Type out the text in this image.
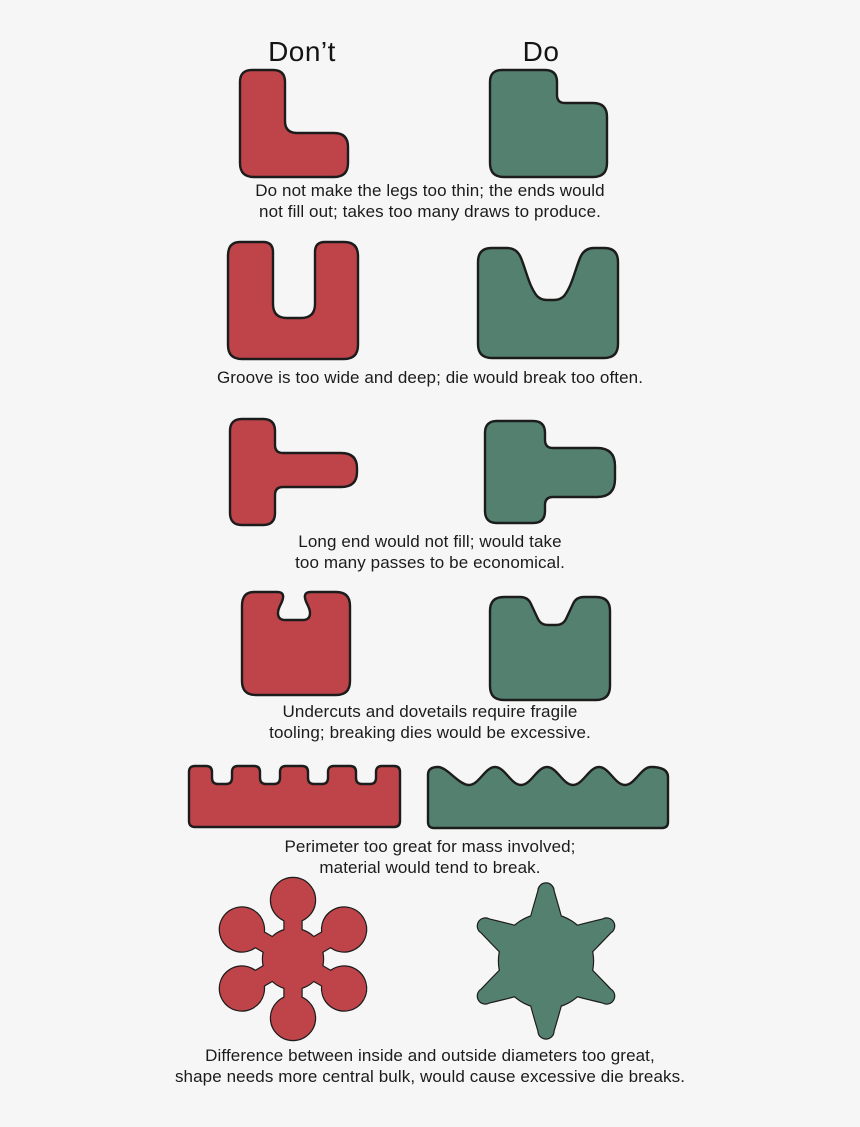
Don’t	Do
Do not make the legs too thin; the ends would
not fill out; takes too many draws to produce.
Groove is too wide and deep; die would break too often.
Long end would not fill; would take
too many passes to be economical.
Undercuts and dovetails require fragile
tooling; breaking dies would be excessive.
Perimeter too great for mass involved;
material would tend to break.
Difference between inside and outside diameters too great,
shape needs more central bulk, would cause excessive die breaks.
